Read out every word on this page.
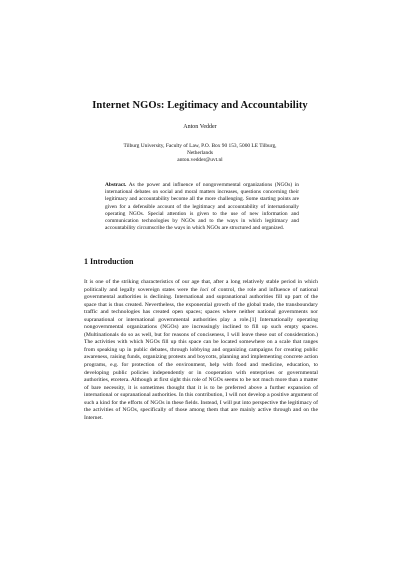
Internet NGOs: Legitimacy and Accountability
Anton Vedder
Tilburg University, Faculty of Law, P.O. Box 90 153, 5000 LE Tilburg,
Netherlands
anton.vedder@uvt.nl
Abstract. As the power and influence of nongovernmental organizations (NGOs) in international debates on social and moral matters increases, questions concerning their legitimacy and accountability become all the more challenging. Some starting points are given for a defensible account of the legitimacy and accountability of internationally operating NGOs. Special attention is given to the use of new information and communication technologies by NGOs and to the ways in which legitimacy and accountability circumscribe the ways in which NGOs are structured and organized.
1 Introduction
It is one of the striking characteristics of our age that, after a long relatively stable period in which politically and legally sovereign states were the loci of control, the role and influence of national governmental authorities is declining. International and supranational authorities fill up part of the space that is thus created. Nevertheless, the exponential growth of the global trade, the transboundary traffic and technologies has created open spaces; spaces where neither national governments nor supranational or international governmental authorities play a role.[1] Internationally operating nongovernmental organizations (NGOs) are increasingly inclined to fill up such empty spaces. (Multinationals do so as well, but for reasons of conciseness, I will leave these out of consideration.) The activities with which NGOs fill up this space can be located somewhere on a scale that ranges from speaking up in public debates, through lobbying and organizing campaigns for creating public awareness, raising funds, organizing protests and boycotts, planning and implementing concrete action programs, e.g. for protection of the environment, help with food and medicine, education, to developing public policies independently or in cooperation with enterprises or governmental authorities, etcetera. Although at first sight this role of NGOs seems to be not much more than a matter of bare necessity, it is sometimes thought that it is to be preferred above a further expansion of international or supranational authorities. In this contribution, I will not develop a positive argument of such a kind for the efforts of NGOs in these fields. Instead, I will put into perspective the legitimacy of the activities of NGOs, specifically of those among them that are mainly active through and on the Internet.
